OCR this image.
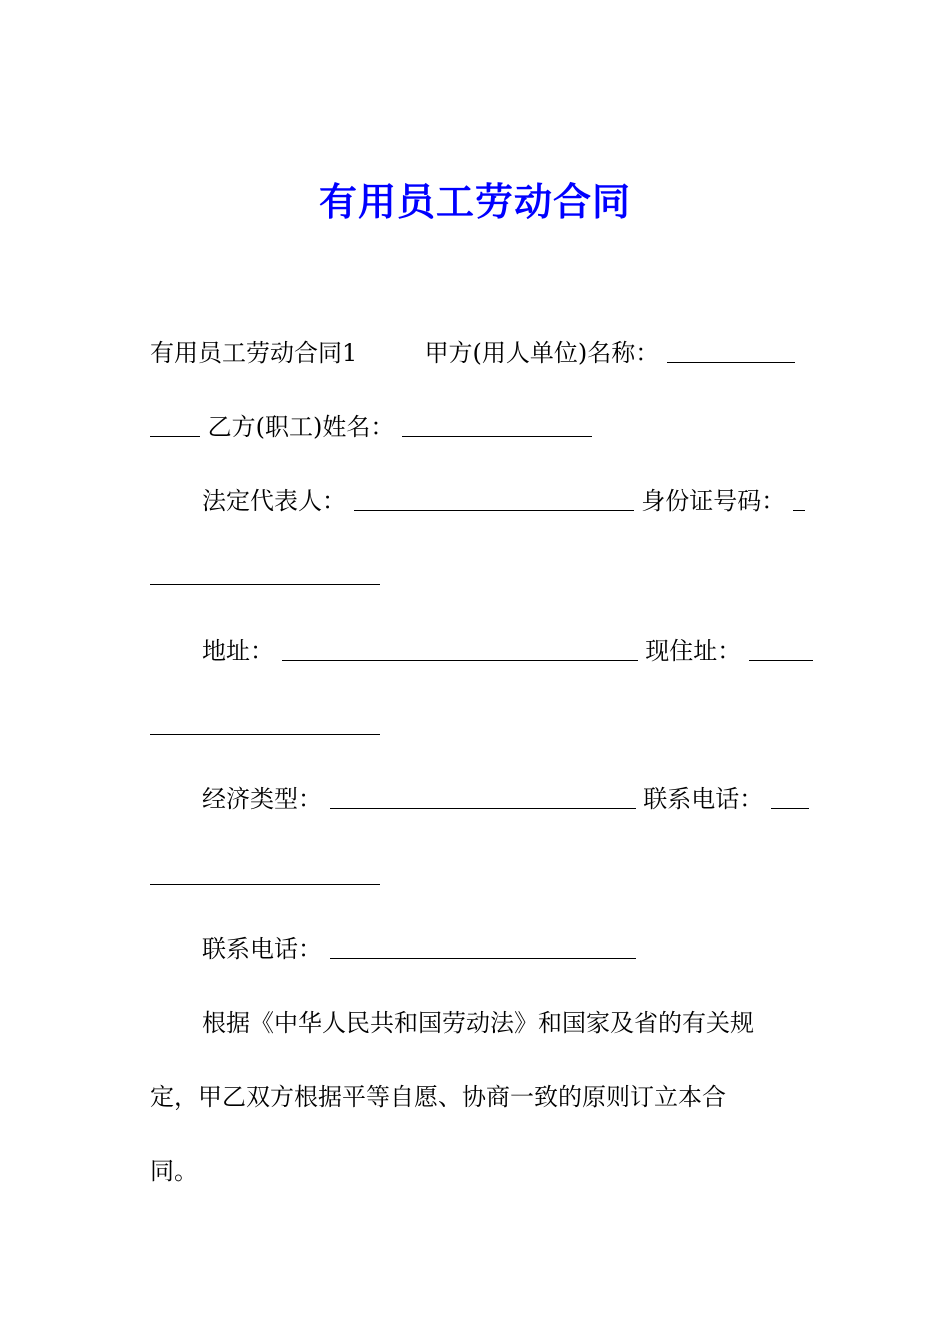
有用员工劳动合同
有用员工劳动合同1	甲方(用人单位)名称：
乙方(职工)姓名：
法定代表人：	身份证号码：
地址：	现住址：
经济类型：	联系电话：
联系电话：
根据《中华人民共和国劳动法》和国家及省的有关规
定，甲乙双方根据平等自愿、协商一致的原则订立本合
同。
